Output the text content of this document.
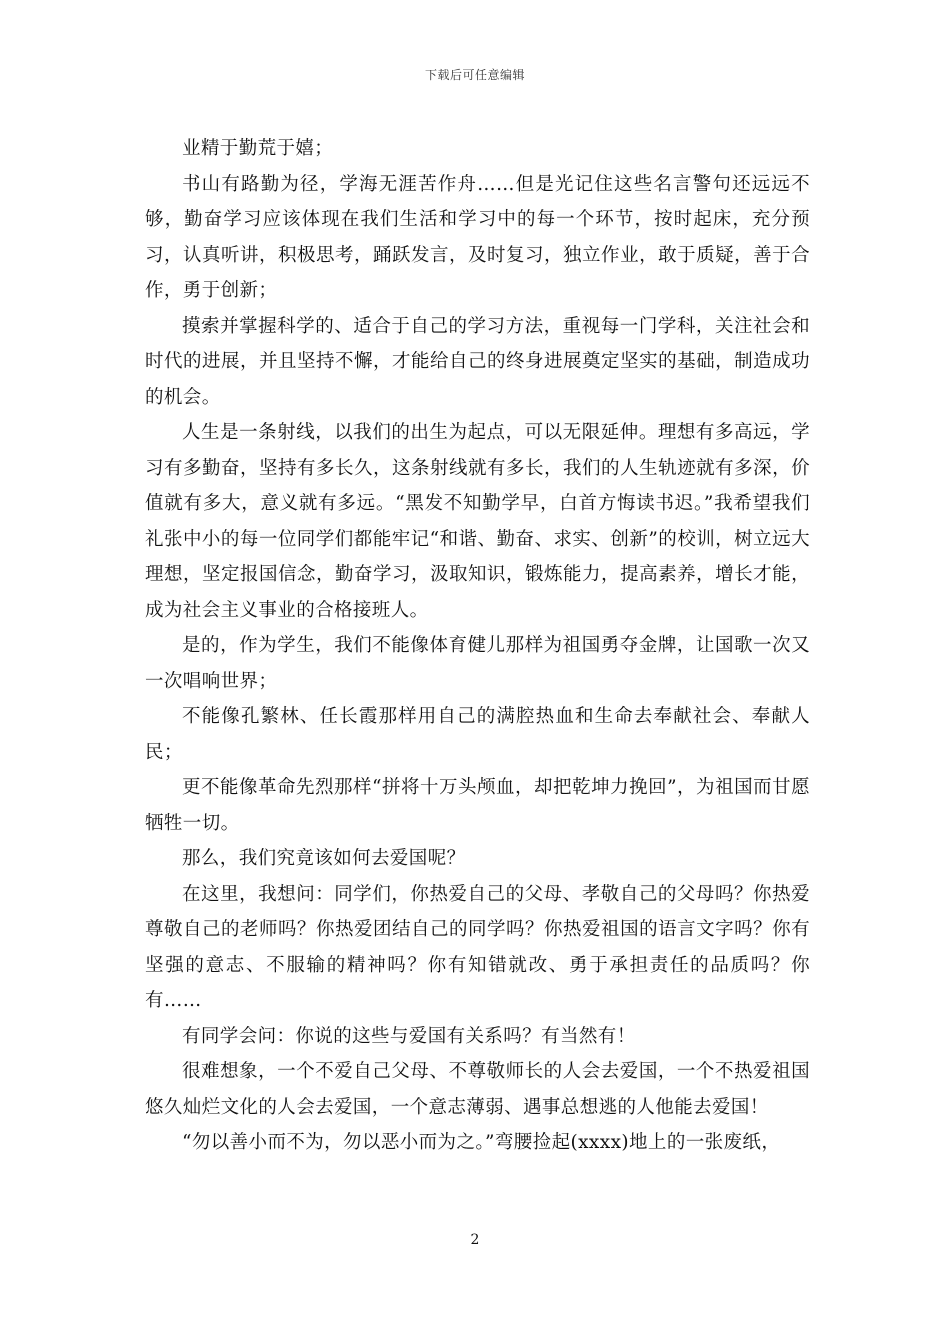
下载后可任意编辑

业精于勤荒于嬉；

书山有路勤为径，学海无涯苦作舟……但是光记住这些名言警句还远远不够，勤奋学习应该体现在我们生活和学习中的每一个环节，按时起床，充分预习，认真听讲，积极思考，踊跃发言，及时复习，独立作业，敢于质疑，善于合作，勇于创新；

摸索并掌握科学的、适合于自己的学习方法，重视每一门学科，关注社会和时代的进展，并且坚持不懈，才能给自己的终身进展奠定坚实的基础，制造成功的机会。

人生是一条射线，以我们的出生为起点，可以无限延伸。理想有多高远，学习有多勤奋，坚持有多长久，这条射线就有多长，我们的人生轨迹就有多深，价值就有多大，意义就有多远。“黑发不知勤学早，白首方悔读书迟。”我希望我们礼张中小的每一位同学们都能牢记“和谐、勤奋、求实、创新”的校训，树立远大理想，坚定报国信念，勤奋学习，汲取知识，锻炼能力，提高素养，增长才能，成为社会主义事业的合格接班人。

是的，作为学生，我们不能像体育健儿那样为祖国勇夺金牌，让国歌一次又一次唱响世界；

不能像孔繁林、任长霞那样用自己的满腔热血和生命去奉献社会、奉献人民；

更不能像革命先烈那样“拼将十万头颅血，却把乾坤力挽回”，为祖国而甘愿牺牲一切。

那么，我们究竟该如何去爱国呢？

在这里，我想问：同学们，你热爱自己的父母、孝敬自己的父母吗？你热爱尊敬自己的老师吗？你热爱团结自己的同学吗？你热爱祖国的语言文字吗？你有坚强的意志、不服输的精神吗？你有知错就改、勇于承担责任的品质吗？你有……

有同学会问：你说的这些与爱国有关系吗？有当然有！

很难想象，一个不爱自己父母、不尊敬师长的人会去爱国，一个不热爱祖国悠久灿烂文化的人会去爱国，一个意志薄弱、遇事总想逃的人他能去爱国！

“勿以善小而不为，勿以恶小而为之。”弯腰捡起(xxxx)地上的一张废纸，

2
